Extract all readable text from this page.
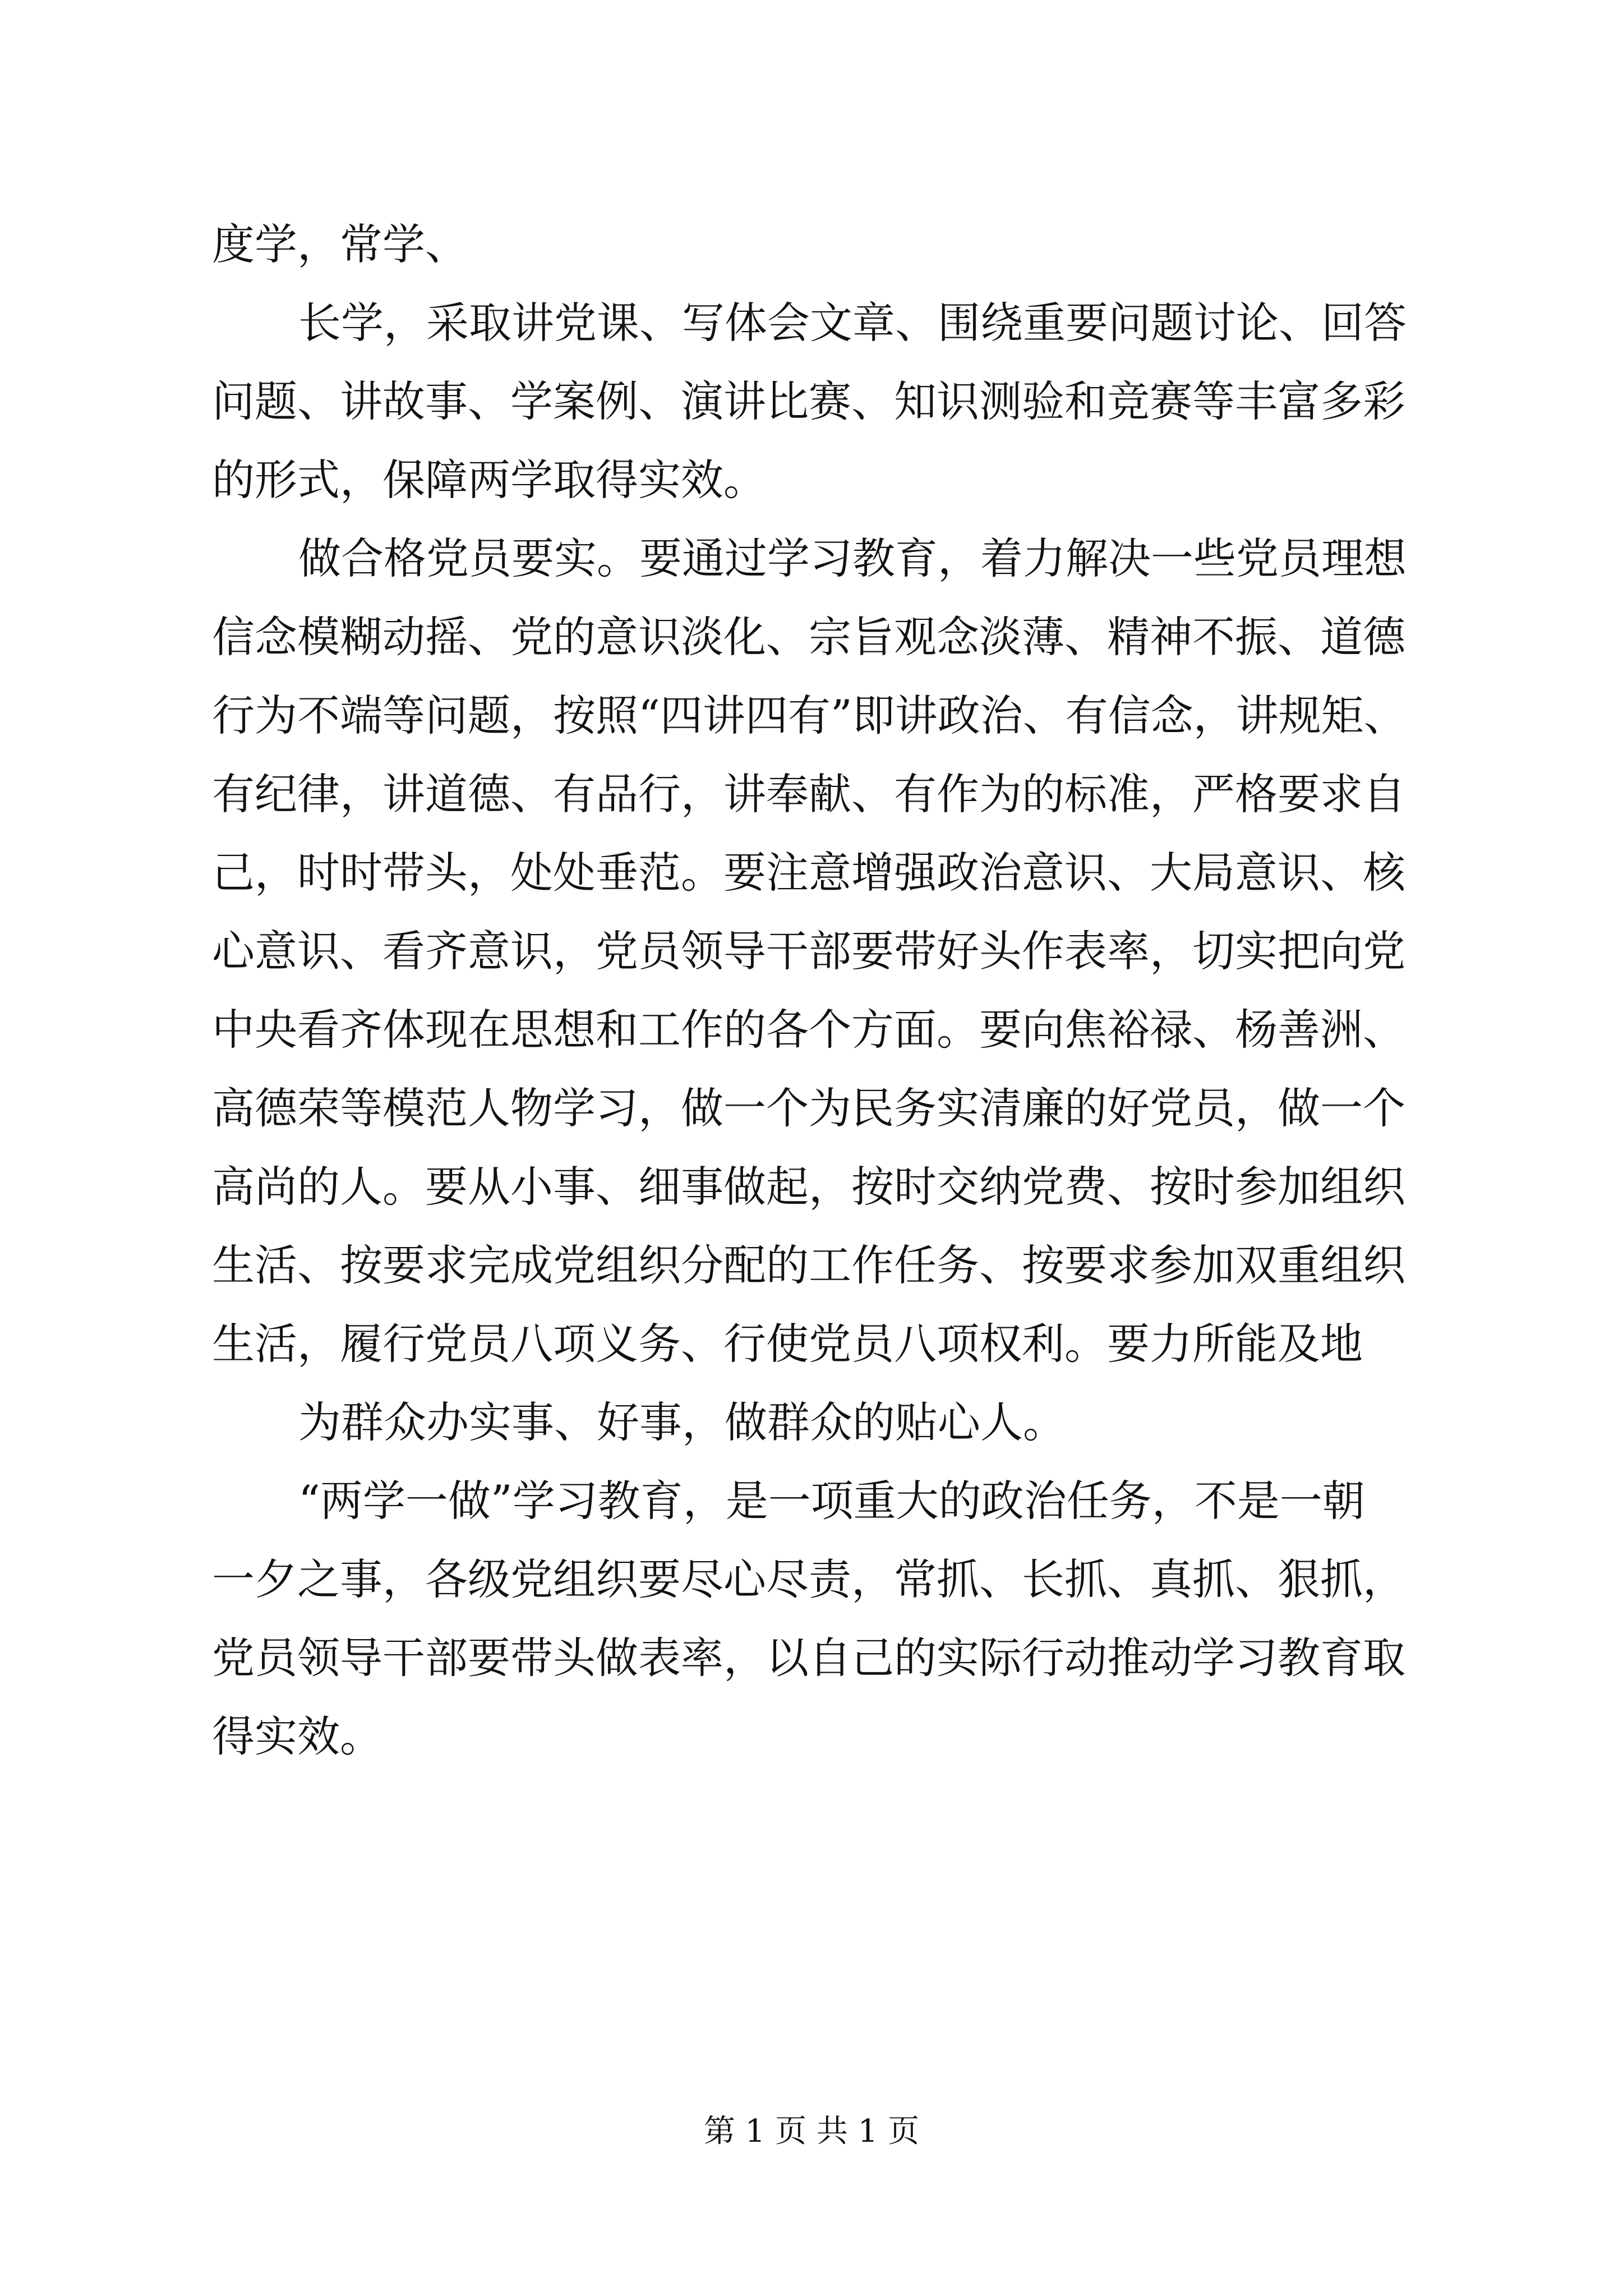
度学，常学、

长学，采取讲党课、写体会文章、围绕重要问题讨论、回答

问题、讲故事、学案例、演讲比赛、知识测验和竞赛等丰富多彩

的形式，保障两学取得实效。

做合格党员要实。要通过学习教育，着力解决一些党员理想

信念模糊动摇、党的意识淡化、宗旨观念淡薄、精神不振、道德

行为不端等问题，按照“四讲四有”即讲政治、有信念，讲规矩、

有纪律，讲道德、有品行，讲奉献、有作为的标准，严格要求自

己，时时带头，处处垂范。要注意增强政治意识、大局意识、核

心意识、看齐意识，党员领导干部要带好头作表率，切实把向党

中央看齐体现在思想和工作的各个方面。要向焦裕禄、杨善洲、

高德荣等模范人物学习，做一个为民务实清廉的好党员，做一个

高尚的人。要从小事、细事做起，按时交纳党费、按时参加组织

生活、按要求完成党组织分配的工作任务、按要求参加双重组织

生活，履行党员八项义务、行使党员八项权利。要力所能及地

为群众办实事、好事，做群众的贴心人。

“两学一做”学习教育，是一项重大的政治任务，不是一朝

一夕之事，各级党组织要尽心尽责，常抓、长抓、真抓、狠抓，

党员领导干部要带头做表率，以自己的实际行动推动学习教育取

得实效。

第 1 页 共 1 页
